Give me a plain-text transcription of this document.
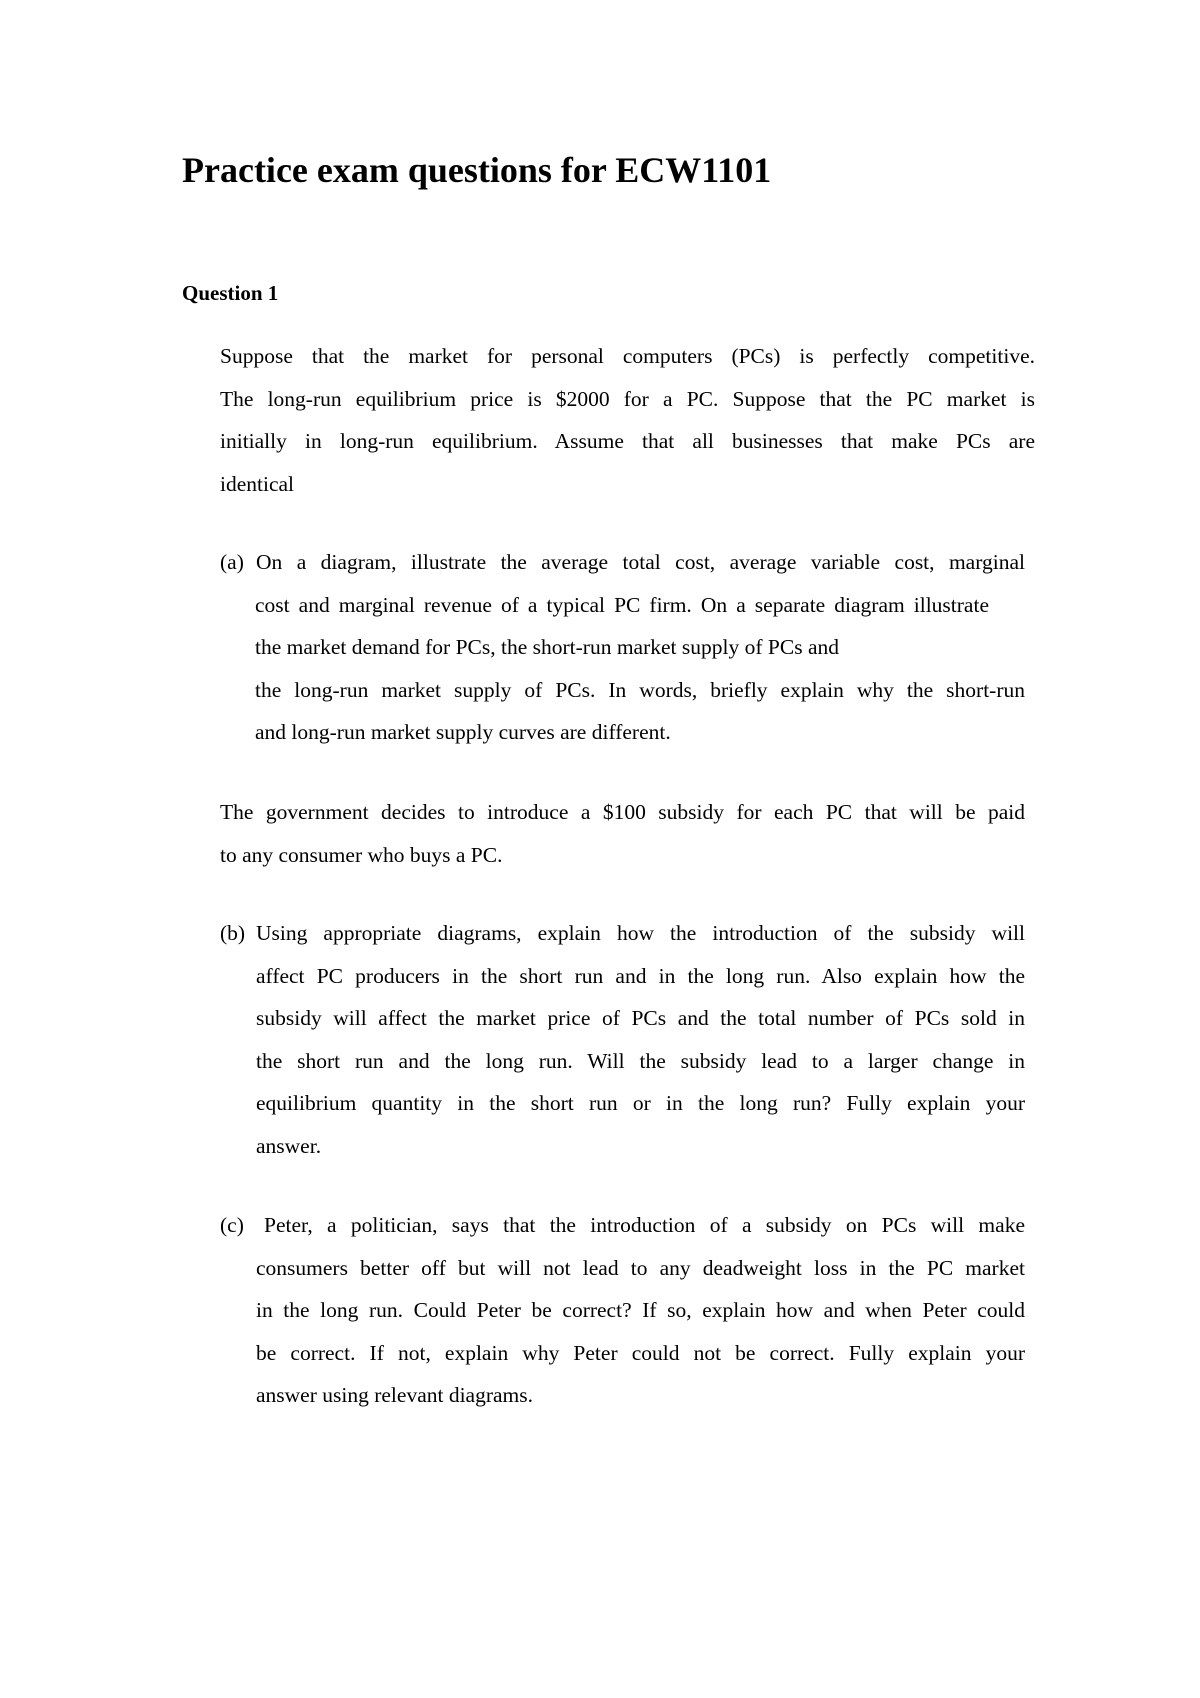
Practice exam questions for ECW1101
Question 1
Suppose that the market for personal computers (PCs) is perfectly competitive.
The long-run equilibrium price is $2000 for a PC. Suppose that the PC market is
initially in long-run equilibrium. Assume that all businesses that make PCs are
identical
(a) On a diagram, illustrate the average total cost, average variable cost, marginal
cost and marginal revenue of a typical PC firm. On a separate diagram illustrate
the market demand for PCs, the short-run market supply of PCs and
the long-run market supply of PCs. In words, briefly explain why the short-run
and long-run market supply curves are different.
The government decides to introduce a $100 subsidy for each PC that will be paid
to any consumer who buys a PC.
(b) Using appropriate diagrams, explain how the introduction of the subsidy will
affect PC producers in the short run and in the long run. Also explain how the
subsidy will affect the market price of PCs and the total number of PCs sold in
the short run and the long run. Will the subsidy lead to a larger change in
equilibrium quantity in the short run or in the long run? Fully explain your
answer.
(c) Peter, a politician, says that the introduction of a subsidy on PCs will make
consumers better off but will not lead to any deadweight loss in the PC market
in the long run. Could Peter be correct? If so, explain how and when Peter could
be correct. If not, explain why Peter could not be correct. Fully explain your
answer using relevant diagrams.
